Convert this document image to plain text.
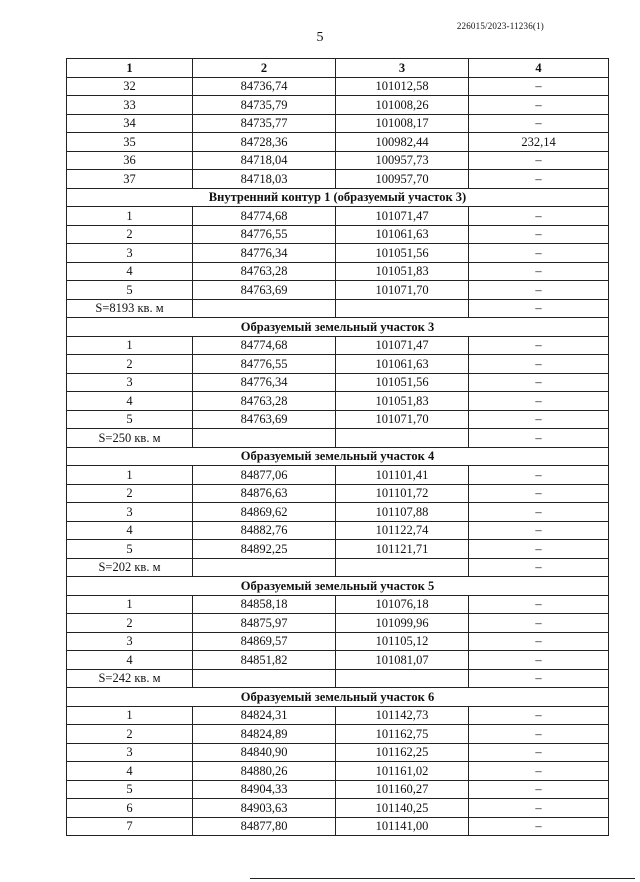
226015/2023-11236(1)
5
1	2	3	4
32	84736,74	101012,58	–
33	84735,79	101008,26	–
34	84735,77	101008,17	–
35	84728,36	100982,44	232,14
36	84718,04	100957,73	–
37	84718,03	100957,70	–
Внутренний контур 1 (образуемый участок 3)			
1	84774,68	101071,47	–
2	84776,55	101061,63	–
3	84776,34	101051,56	–
4	84763,28	101051,83	–
5	84763,69	101071,70	–
S=8193 кв. м			–
Образуемый земельный участок 3			
1	84774,68	101071,47	–
2	84776,55	101061,63	–
3	84776,34	101051,56	–
4	84763,28	101051,83	–
5	84763,69	101071,70	–
S=250 кв. м			–
Образуемый земельный участок 4			
1	84877,06	101101,41	–
2	84876,63	101101,72	–
3	84869,62	101107,88	–
4	84882,76	101122,74	–
5	84892,25	101121,71	–
S=202 кв. м			–
Образуемый земельный участок 5			
1	84858,18	101076,18	–
2	84875,97	101099,96	–
3	84869,57	101105,12	–
4	84851,82	101081,07	–
S=242 кв. м			–
Образуемый земельный участок 6			
1	84824,31	101142,73	–
2	84824,89	101162,75	–
3	84840,90	101162,25	–
4	84880,26	101161,02	–
5	84904,33	101160,27	–
6	84903,63	101140,25	–
7	84877,80	101141,00	–
